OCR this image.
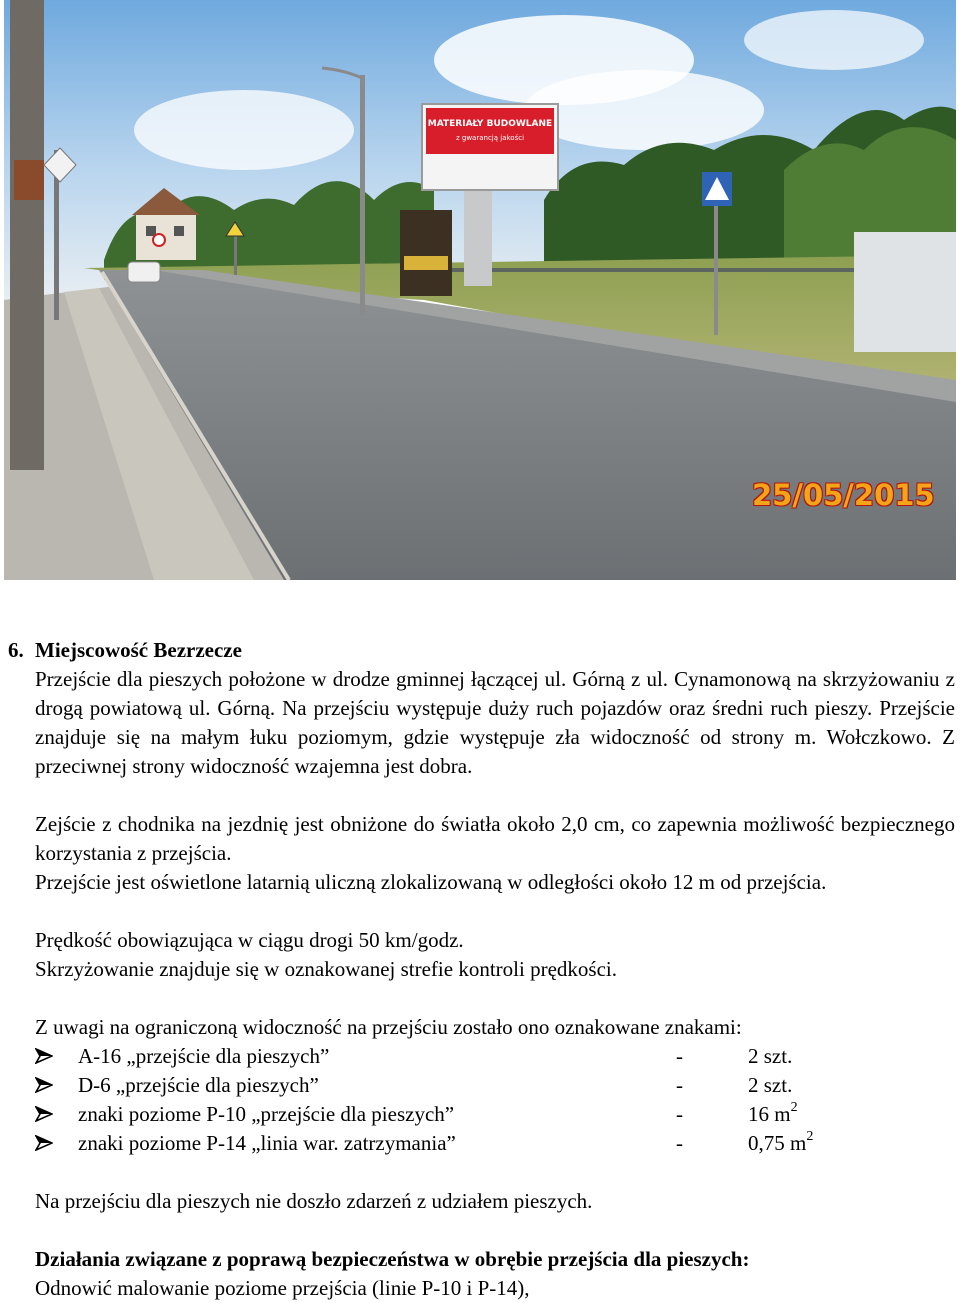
MATERIAŁY BUDOWLANE
z gwarancją jakości
25/05/2015
6. Miejscowość Bezrzecze
Przejście dla pieszych położone w drodze gminnej łączącej ul. Górną z ul. Cynamonową na skrzyżowaniu z drogą powiatową ul. Górną. Na przejściu występuje duży ruch pojazdów oraz średni ruch pieszy. Przejście znajduje się na małym łuku poziomym, gdzie występuje zła widoczność od strony m. Wołczkowo. Z przeciwnej strony widoczność wzajemna jest dobra.
Zejście z chodnika na jezdnię jest obniżone do światła około 2,0 cm, co zapewnia możliwość bezpiecznego korzystania z przejścia.
Przejście jest oświetlone latarnią uliczną zlokalizowaną w odległości około 12 m od przejścia.
Prędkość obowiązująca w ciągu drogi 50 km/godz.
Skrzyżowanie znajduje się w oznakowanej strefie kontroli prędkości.
Z uwagi na ograniczoną widoczność na przejściu zostało ono oznakowane znakami:
A-16 „przejście dla pieszych”	-	2 szt.
D-6 „przejście dla pieszych”	-	2 szt.
znaki poziome P-10 „przejście dla pieszych”	-	16 $m^2$
znaki poziome P-14 „linia war. zatrzymania”	-	0,75 $m^2$
Na przejściu dla pieszych nie doszło zdarzeń z udziałem pieszych.
Działania związane z poprawą bezpieczeństwa w obrębie przejścia dla pieszych:
Odnowić malowanie poziome przejścia (linie P-10 i P-14),
